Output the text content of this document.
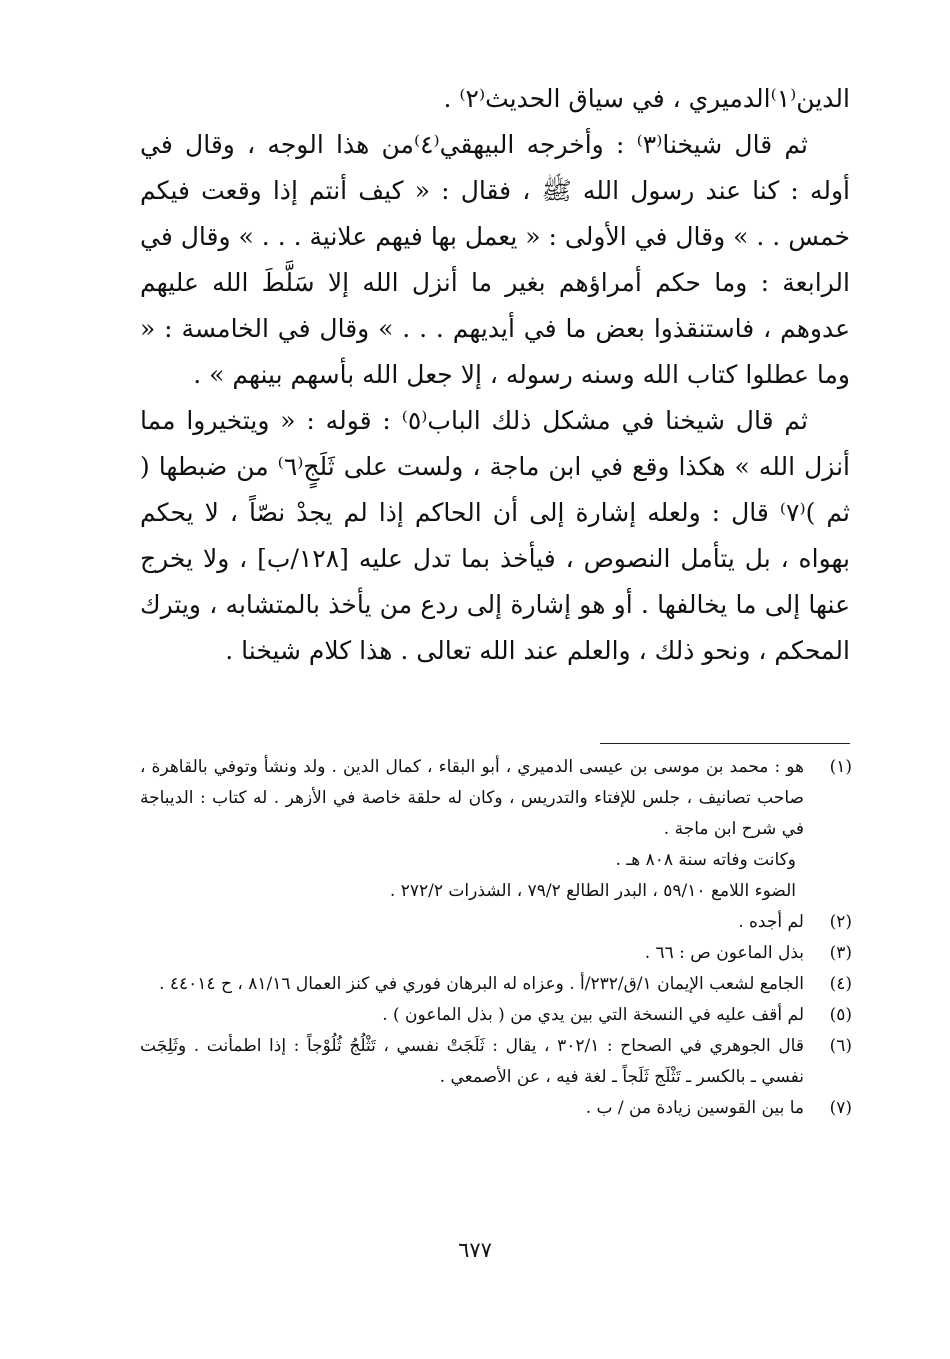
الدين⁽١⁾الدميري ، في سياق الحديث⁽٢⁾ .

ثم قال شيخنا⁽٣⁾ : وأخرجه البيهقي⁽٤⁾من هذا الوجه ، وقال في أوله : كنا عند رسول الله ﷺ ، فقال : « كيف أنتم إذا وقعت فيكم خمس . . » وقال في الأولى : « يعمل بها فيهم علانية . . . » وقال في الرابعة : وما حكم أمراؤهم بغير ما أنزل الله إلا سَلَّطَ الله عليهم عدوهم ، فاستنقذوا بعض ما في أيديهم . . . » وقال في الخامسة : « وما عطلوا كتاب الله وسنه رسوله ، إلا جعل الله بأسهم بينهم » .

ثم قال شيخنا في مشكل ذلك الباب⁽٥⁾ : قوله : « ويتخيروا مما أنزل الله » هكذا وقع في ابن ماجة ، ولست على ثَلَجٍ⁽٦⁾ من ضبطها ( ثم )⁽٧⁾ قال : ولعله إشارة إلى أن الحاكم إذا لم يجدْ نصّاً ، لا يحكم بهواه ، بل يتأمل النصوص ، فيأخذ بما تدل عليه [١٢٨/ب] ، ولا يخرج عنها إلى ما يخالفها . أو هو إشارة إلى ردع من يأخذ بالمتشابه ، ويترك المحكم ، ونحو ذلك ، والعلم عند الله تعالى . هذا كلام شيخنا .

(١)
هو : محمد بن موسى بن عيسى الدميري ، أبو البقاء ، كمال الدين . ولد ونشأ وتوفي بالقاهرة ، صاحب تصانيف ، جلس للإفتاء والتدريس ، وكان له حلقة خاصة في الأزهر . له كتاب : الديباجة في شرح ابن ماجة .
وكانت وفاته سنة ٨٠٨ هـ .
الضوء اللامع ٥٩/١٠ ، البدر الطالع ٧٩/٢ ، الشذرات ٢٧٢/٢ .
(٢)
لم أجده .
(٣)
بذل الماعون ص : ٦٦ .
(٤)
الجامع لشعب الإيمان ١/ق/٢٣٢/أ . وعزاه له البرهان فوري في كنز العمال ٨١/١٦ ، ح ٤٤٠١٤ .
(٥)
لم أقف عليه في النسخة التي بين يدي من ( بذل الماعون ) .
(٦)
قال الجوهري في الصحاح : ٣٠٢/١ ، يقال : ثَلَجَتْ نفسي ، تَثْلُجُ ثُلُوْجاً : إذا اطمأنت . وثَلِجَت نفسي ـ بالكسر ـ تَثْلَج ثَلَجاً ـ لغة فيه ، عن الأصمعي .
(٧)
ما بين القوسين زيادة من / ب .
٦٧٧
